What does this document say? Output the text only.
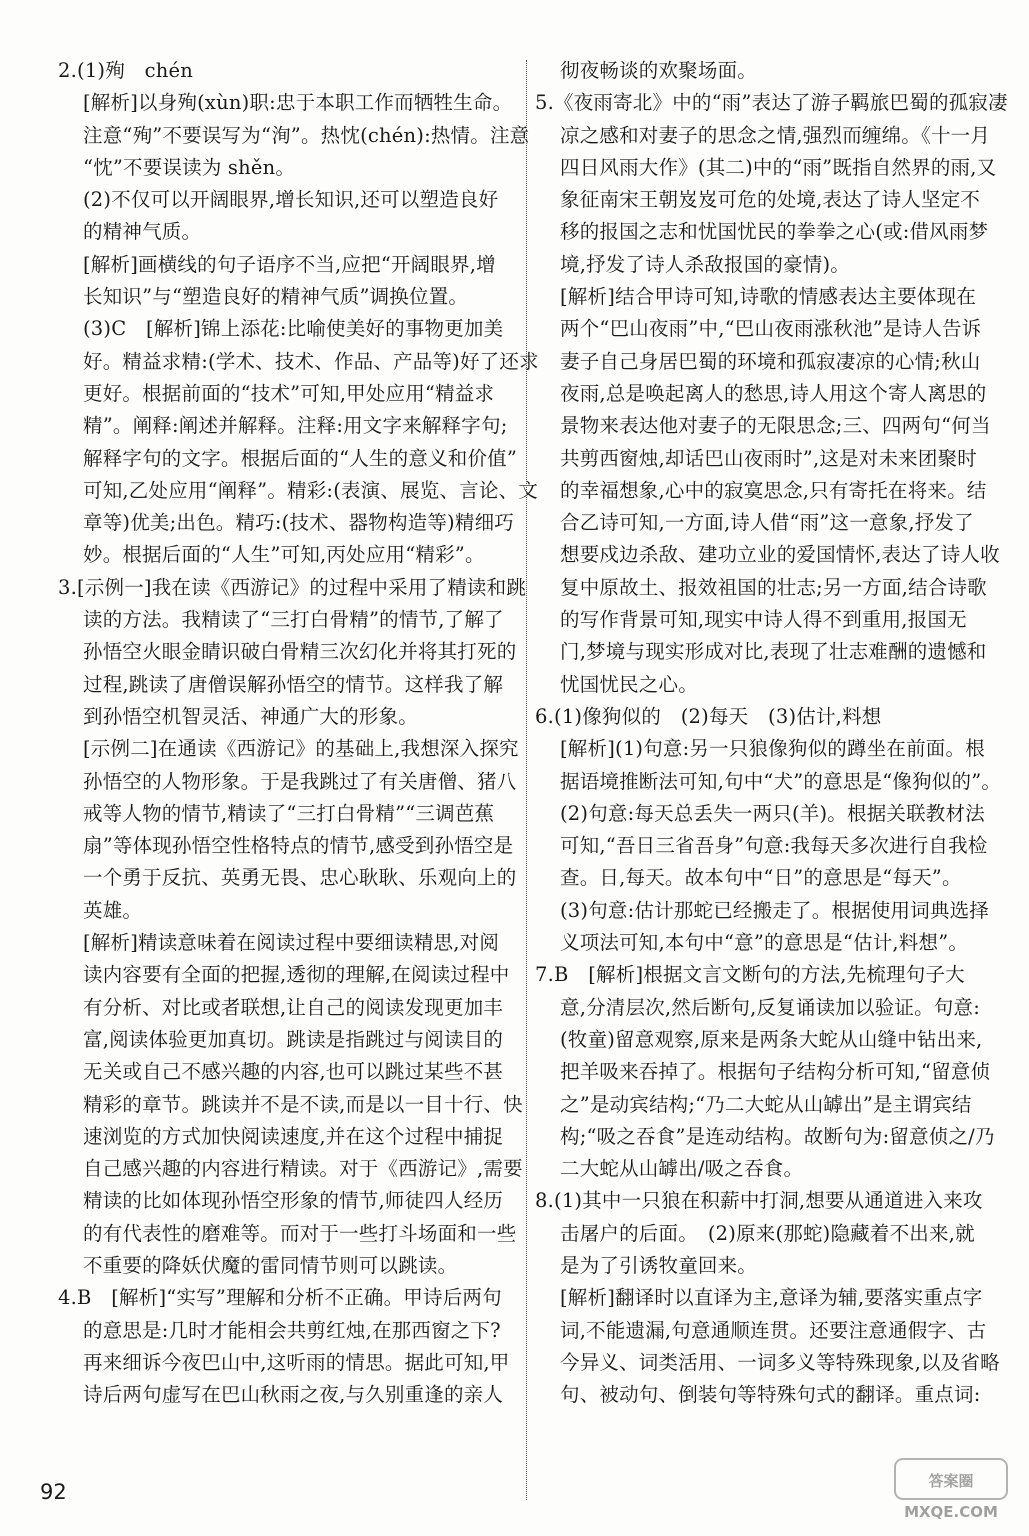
2.(1)殉　chén
[解析]以身殉(xùn)职:忠于本职工作而牺牲生命。
注意“殉”不要误写为“洵”。热忱(chén):热情。注意
“忱”不要误读为 shěn。
(2)不仅可以开阔眼界,增长知识,还可以塑造良好
的精神气质。
[解析]画横线的句子语序不当,应把“开阔眼界,增
长知识”与“塑造良好的精神气质”调换位置。
(3)C　[解析]锦上添花:比喻使美好的事物更加美
好。精益求精:(学术、技术、作品、产品等)好了还求
更好。根据前面的“技术”可知,甲处应用“精益求
精”。阐释:阐述并解释。注释:用文字来解释字句;
解释字句的文字。根据后面的“人生的意义和价值”
可知,乙处应用“阐释”。精彩:(表演、展览、言论、文
章等)优美;出色。精巧:(技术、器物构造等)精细巧
妙。根据后面的“人生”可知,丙处应用“精彩”。
3.[示例一]我在读《西游记》的过程中采用了精读和跳
读的方法。我精读了“三打白骨精”的情节,了解了
孙悟空火眼金睛识破白骨精三次幻化并将其打死的
过程,跳读了唐僧误解孙悟空的情节。这样我了解
到孙悟空机智灵活、神通广大的形象。
[示例二]在通读《西游记》的基础上,我想深入探究
孙悟空的人物形象。于是我跳过了有关唐僧、猪八
戒等人物的情节,精读了“三打白骨精”“三调芭蕉
扇”等体现孙悟空性格特点的情节,感受到孙悟空是
一个勇于反抗、英勇无畏、忠心耿耿、乐观向上的
英雄。
[解析]精读意味着在阅读过程中要细读精思,对阅
读内容要有全面的把握,透彻的理解,在阅读过程中
有分析、对比或者联想,让自己的阅读发现更加丰
富,阅读体验更加真切。跳读是指跳过与阅读目的
无关或自己不感兴趣的内容,也可以跳过某些不甚
精彩的章节。跳读并不是不读,而是以一目十行、快
速浏览的方式加快阅读速度,并在这个过程中捕捉
自己感兴趣的内容进行精读。对于《西游记》,需要
精读的比如体现孙悟空形象的情节,师徒四人经历
的有代表性的磨难等。而对于一些打斗场面和一些
不重要的降妖伏魔的雷同情节则可以跳读。
4.B　[解析]“实写”理解和分析不正确。甲诗后两句
的意思是:几时才能相会共剪红烛,在那西窗之下?
再来细诉今夜巴山中,这听雨的情思。据此可知,甲
诗后两句虚写在巴山秋雨之夜,与久别重逢的亲人
彻夜畅谈的欢聚场面。
5.《夜雨寄北》中的“雨”表达了游子羁旅巴蜀的孤寂凄
凉之感和对妻子的思念之情,强烈而缠绵。《十一月
四日风雨大作》(其二)中的“雨”既指自然界的雨,又
象征南宋王朝岌岌可危的处境,表达了诗人坚定不
移的报国之志和忧国忧民的拳拳之心(或:借风雨梦
境,抒发了诗人杀敌报国的豪情)。
[解析]结合甲诗可知,诗歌的情感表达主要体现在
两个“巴山夜雨”中,“巴山夜雨涨秋池”是诗人告诉
妻子自己身居巴蜀的环境和孤寂凄凉的心情;秋山
夜雨,总是唤起离人的愁思,诗人用这个寄人离思的
景物来表达他对妻子的无限思念;三、四两句“何当
共剪西窗烛,却话巴山夜雨时”,这是对未来团聚时
的幸福想象,心中的寂寞思念,只有寄托在将来。结
合乙诗可知,一方面,诗人借“雨”这一意象,抒发了
想要戍边杀敌、建功立业的爱国情怀,表达了诗人收
复中原故土、报效祖国的壮志;另一方面,结合诗歌
的写作背景可知,现实中诗人得不到重用,报国无
门,梦境与现实形成对比,表现了壮志难酬的遗憾和
忧国忧民之心。
6.(1)像狗似的　(2)每天　(3)估计,料想
[解析](1)句意:另一只狼像狗似的蹲坐在前面。根
据语境推断法可知,句中“犬”的意思是“像狗似的”。
(2)句意:每天总丢失一两只(羊)。根据关联教材法
可知,“吾日三省吾身”句意:我每天多次进行自我检
查。日,每天。故本句中“日”的意思是“每天”。
(3)句意:估计那蛇已经搬走了。根据使用词典选择
义项法可知,本句中“意”的意思是“估计,料想”。
7.B　[解析]根据文言文断句的方法,先梳理句子大
意,分清层次,然后断句,反复诵读加以验证。句意:
(牧童)留意观察,原来是两条大蛇从山缝中钻出来,
把羊吸来吞掉了。根据句子结构分析可知,“留意侦
之”是动宾结构;“乃二大蛇从山罅出”是主谓宾结
构;“吸之吞食”是连动结构。故断句为:留意侦之/乃
二大蛇从山罅出/吸之吞食。
8.(1)其中一只狼在积薪中打洞,想要从通道进入来攻
击屠户的后面。　(2)原来(那蛇)隐藏着不出来,就
是为了引诱牧童回来。
[解析]翻译时以直译为主,意译为辅,要落实重点字
词,不能遗漏,句意通顺连贯。还要注意通假字、古
今异义、词类活用、一词多义等特殊现象,以及省略
句、被动句、倒装句等特殊句式的翻译。重点词:
92	答案圈
MXQE.COM
